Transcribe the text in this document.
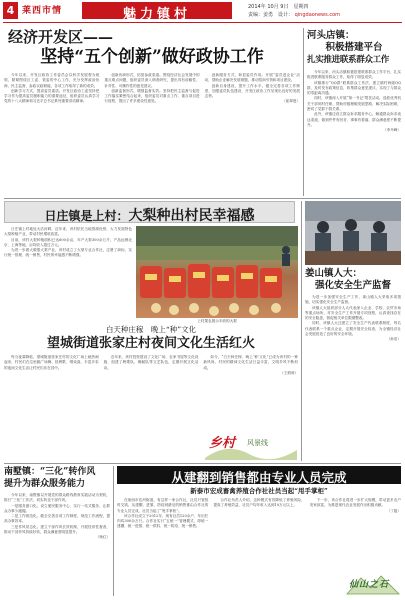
4 莱西市情	魅力镇村	2014年 10月 9日　星期四
责编：姜勇　设计： qingdaonews.com
经济开发区——
坚持“五个创新”做好政协工作

今年以来，开发区政协工作委员会以科学发展观为统领，紧紧围绕区工委、管委的中心工作，充分发挥政治协商、民主监督、参政议政职能，各项工作取得了新的成效。

创新学习方式，提高委员素质。开发区政协工委坚持把学习作为提高委员履职能力的重要途径，组织委员认真学习党的十八大精神和习近平总书记系列重要讲话精神。

创新协商形式，拓宽参政渠道。围绕经济社会发展中的重点难点问题，组织委员深入调查研究，提出具有前瞻性、针对性、可操作性的意见建议。

创新监督形式，增强监督实效。坚持把民主监督与促进工作落实紧密结合起来，组织委员对重点工作、重点项目进行视察，提出了许多建设性意见。

创新服务方式，彰显委员作用。开展“委员进企业”活动，帮助企业解决发展难题，推动招商引资和项目建设。

创新自身建设，提升工作水平。健全完善各项工作制度，加强委员队伍建设，开发区政协工作呈现出良好的发展态势。

（崔翠莲）

河头店镇：
积极搭建平台
扎实推进联系群众工作

今年以来，河头店镇积极搭建联系群众工作平台，扎实推进联系服务群众工作，取得了明显成效。

该镇推行“QQ群”联系群众工作法，建立镇村两级QQ群，及时发布政策信息，收集群众意见建议，实现了与群众的零距离沟通。

同时，该镇深入开展“第一书记”帮扶活动，选派优秀机关干部到村任职，帮助村级理顺发展思路，解决实际困难，密切了党群干群关系。

此外，该镇还设立群众诉求服务中心，畅通群众诉求表达渠道，做到件件有回音、事事有着落，群众满意度不断提升。

（李丹峰）

日庄镇是上村：大梨种出村民幸福感

日庄镇上村地处大沽河畔，近年来，该村依托当地资源优势，大力发展特色大梨种植产业，带动村民增收致富。

目前，该村大梨种植面积已达600余亩，年产大梨300余万斤，产品远销北京、上海等地，亩均收入超过万元。

为进一步做大做强大梨产业，该村成立了大梨专业合作社，注册了商标，实行统一管理、统一销售，村民的幸福感不断增强。

上村果农展示丰收的大梨
姜山镇人大：
强化安全生产监督

为进一步加强安全生产工作，姜山镇人大采取多项措施，切实强化安全生产监督。

该镇人大组织部分人大代表深入企业、学校、农贸市场等重点场所，对安全生产工作开展专项视察，认真查找存在的安全隐患，督促相关单位限期整改。

同时，该镇人大还建立了安全生产代表联系制度，每名代表联系一个重点企业，定期开展安全检查，为全镇经济社会发展营造了良好的安全环境。

（孙浩）

白天种庄稼　晚上“种”文化
望城街道张家庄村夜间文化生活红火

每当夜幕降临，望城街道张家庄村的文化广场上就热闹起来，村民们在这里跳广场舞、扭秧歌、唱戏曲，丰富多彩的夜间文化生活让村民们乐在其中。

近年来，该村投资建设了文化广场、农家书屋等文化设施，组建了秧歌队、舞蹈队等文艺队伍，定期开展文化活动。

如今，“白天种庄稼、晚上‘种’文化”已成为该村的一种新风尚，村民的精神文化生活日益丰富，文明乡风不断形成。

（王炳涛）

乡村 风景线
南墅镇：“三化”转作风
提升为群众服务能力

今年以来，南墅镇以开展党的群众路线教育实践活动为契机，推行“三化”工作法，切实转变干部作风。

一是服务窗口化。设立便民服务中心，实行一站式服务，让群众办事少跑腿。

二是工作规范化。健全完善各项工作制度，规范工作流程，提高办事效率。

三是作风常态化。建立干部作风长效机制，开展经常性督查，推动干部作风持续好转，群众满意度明显提升。

（杨红）

从建翻到销售都由专业人员完成
新泰市宏成畜禽养殖合作社社员当起“甩手掌柜”

在莱西市沽河街道，有这样一家合作社，社员只管按时交钱，从建棚、进雏、防疫到最后的销售都由合作社的专业人员完成，社员当起了“甩手掌柜”。

该合作社成立于2012年，现有社员120余户，年出栏肉鸡300余万只。合作社实行“五统一”管理模式，即统一建棚、统一进雏、统一供料、统一防疫、统一销售。

合作社负责人介绍，这种模式有效降低了养殖风险，提高了养殖效益，社员户均年收入达到10万元以上。

下一步，该合作社将进一步扩大规模，带动更多农户发家致富，为推进现代农业发展作出积极贡献。

（丁磊）

仙山之石
